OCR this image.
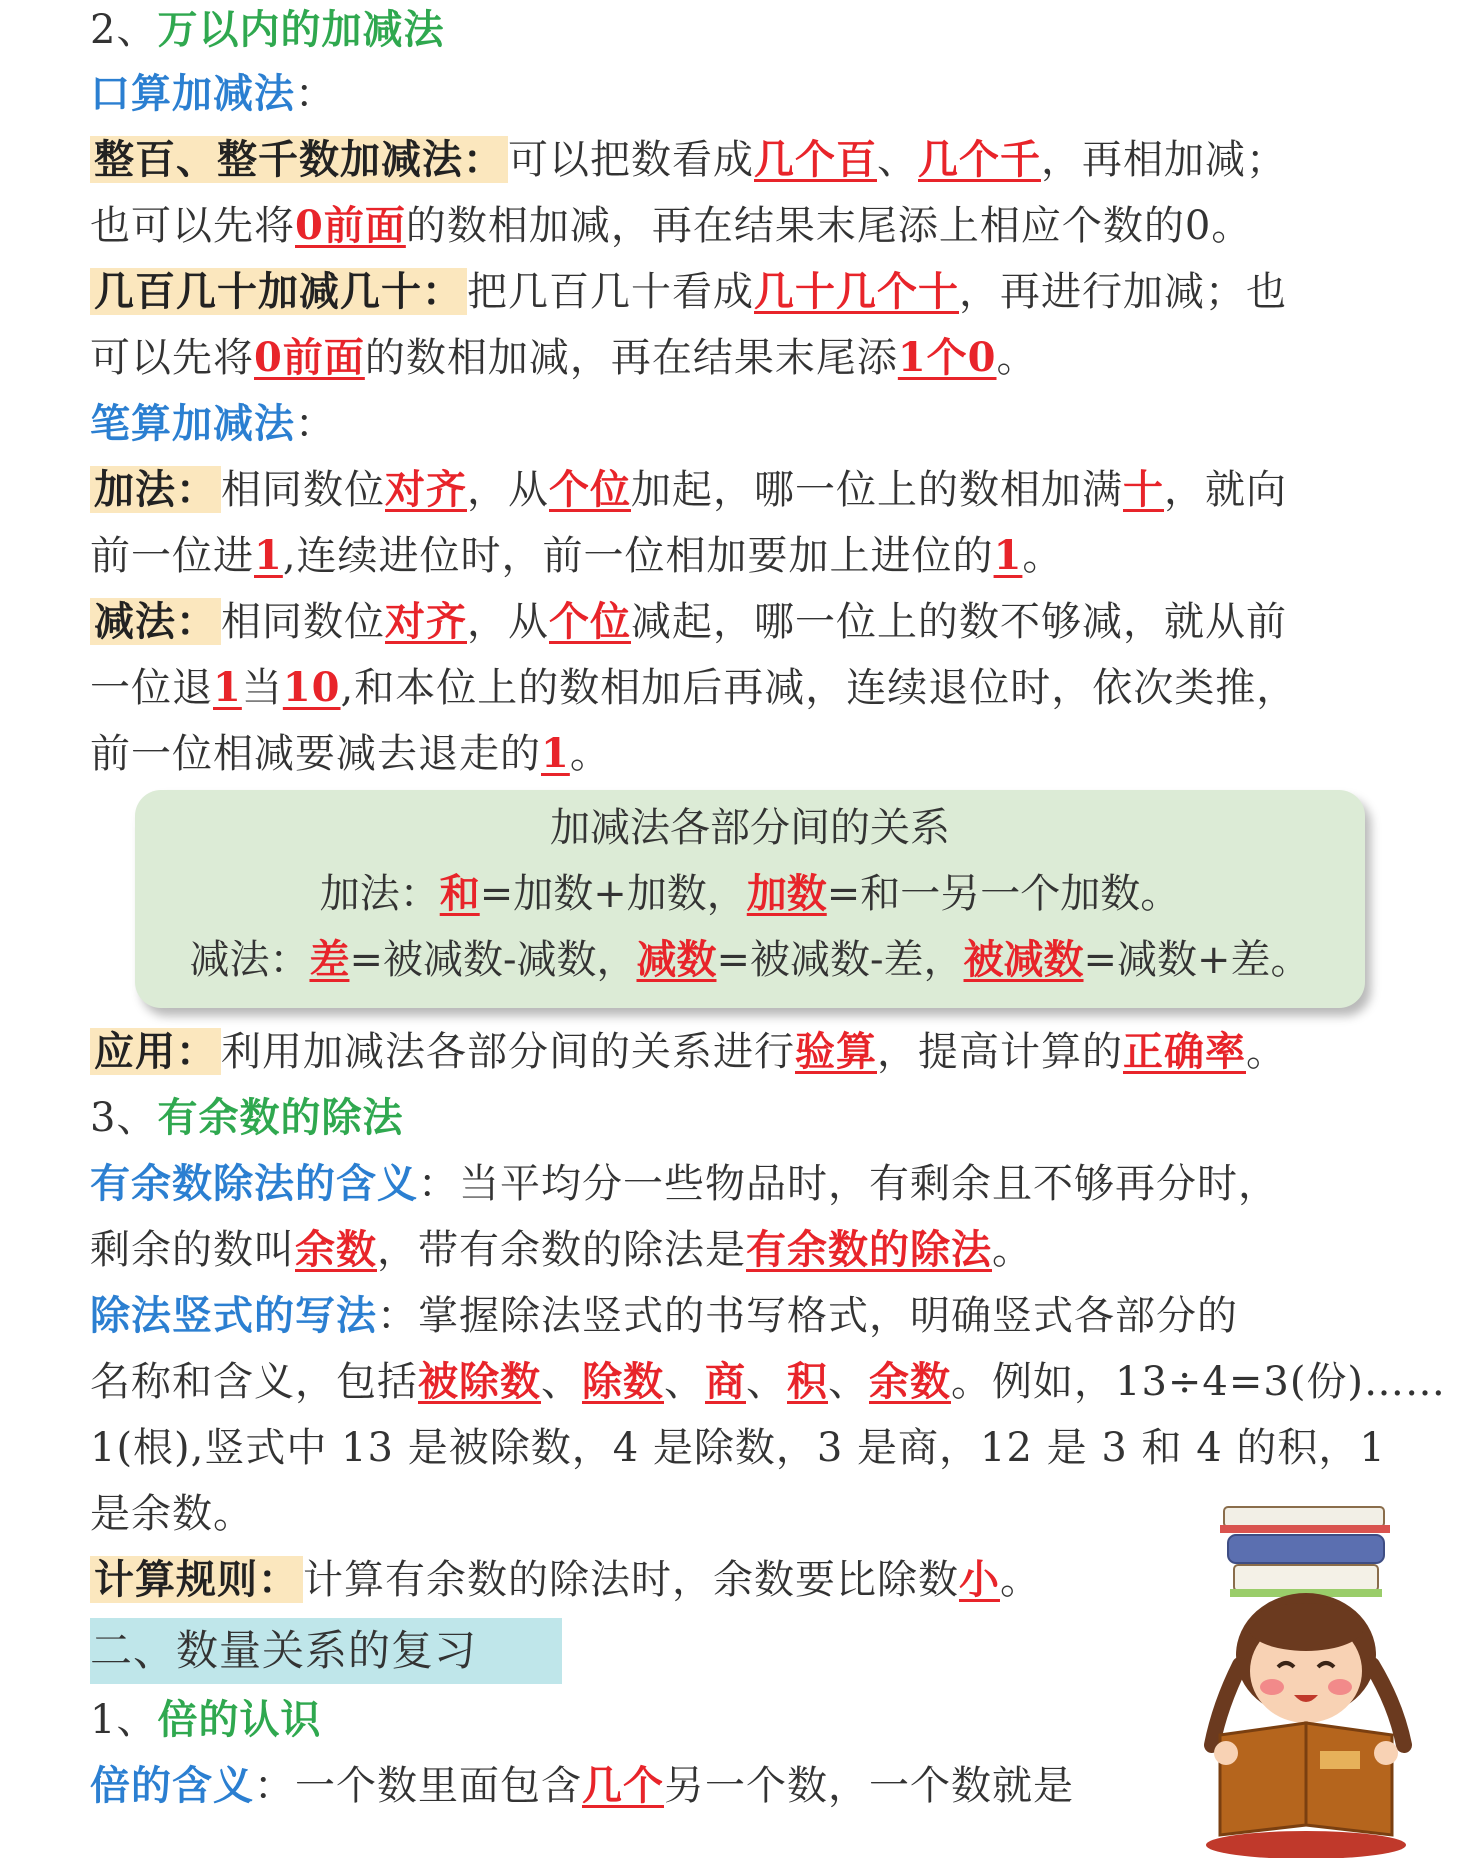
2、万以内的加减法
口算加减法：
整百、整千数加减法： 可以把数看成几个百、几个千，再相加减；
也可以先将0前面的数相加减，再在结果末尾添上相应个数的0。
几百几十加减几十： 把几百几十看成几十几个十，再进行加减；也
可以先将0前面的数相加减，再在结果末尾添1个0。
笔算加减法：
加法： 相同数位对齐，从个位加起，哪一位上的数相加满十，就向
前一位进1,连续进位时，前一位相加要加上进位的1。
减法： 相同数位对齐，从个位减起，哪一位上的数不够减，就从前
一位退1当10,和本位上的数相加后再减，连续退位时，依次类推，
前一位相减要减去退走的1。
加减法各部分间的关系
加法：和=加数+加数，加数=和一另一个加数。
减法：差=被减数-减数，减数=被减数-差，被减数=减数+差。
应用： 利用加减法各部分间的关系进行验算，提高计算的正确率。
3、有余数的除法
有余数除法的含义：当平均分一些物品时，有剩余且不够再分时，
剩余的数叫余数，带有余数的除法是有余数的除法。
除法竖式的写法：掌握除法竖式的书写格式，明确竖式各部分的
名称和含义，包括被除数、除数、商、积、余数。例如，13÷4=3(份)……
1(根),竖式中 13 是被除数，4 是除数，3 是商，12 是 3 和 4 的积，1
是余数。
计算规则： 计算有余数的除法时，余数要比除数小。
二、数量关系的复习
1、倍的认识
倍的含义：一个数里面包含几个另一个数，一个数就是
